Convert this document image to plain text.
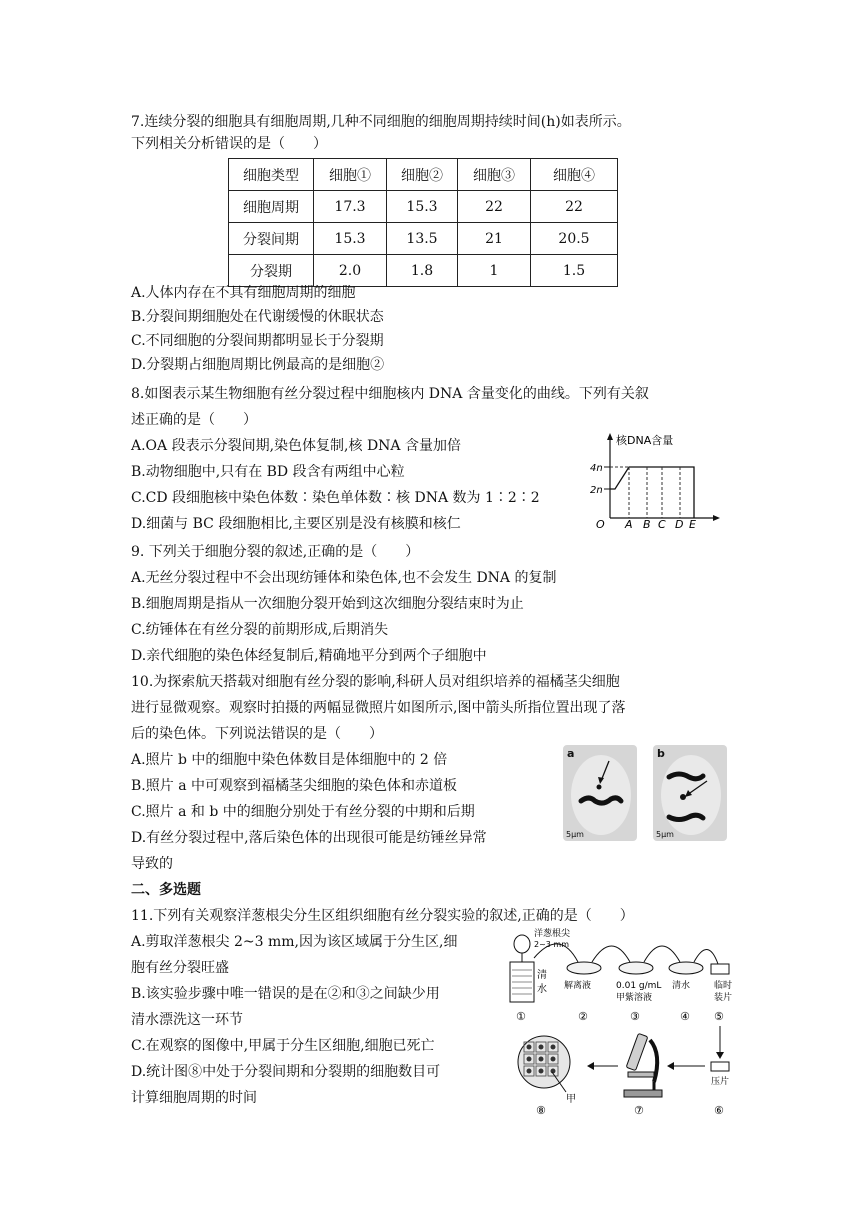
7.连续分裂的细胞具有细胞周期,几种不同细胞的细胞周期持续时间(h)如表所示。
下列相关分析错误的是（　　）
细胞类型	细胞①	细胞②	细胞③	细胞④
细胞周期	17.3	15.3	22	22
分裂间期	15.3	13.5	21	20.5
分裂期	2.0	1.8	1	1.5
A.人体内存在不具有细胞周期的细胞
B.分裂间期细胞处在代谢缓慢的休眠状态
C.不同细胞的分裂间期都明显长于分裂期
D.分裂期占细胞周期比例最高的是细胞②
8.如图表示某生物细胞有丝分裂过程中细胞核内 DNA 含量变化的曲线。下列有关叙
述正确的是（　　）
A.OA 段表示分裂间期,染色体复制,核 DNA 含量加倍
B.动物细胞中,只有在 BD 段含有两组中心粒
C.CD 段细胞核中染色体数∶染色单体数∶核 DNA 数为 1∶2∶2
D.细菌与 BC 段细胞相比,主要区别是没有核膜和核仁
核DNA含量
4n
2n
O A B C D E
9. 下列关于细胞分裂的叙述,正确的是（　　）
A.无丝分裂过程中不会出现纺锤体和染色体,也不会发生 DNA 的复制
B.细胞周期是指从一次细胞分裂开始到这次细胞分裂结束时为止
C.纺锤体在有丝分裂的前期形成,后期消失
D.亲代细胞的染色体经复制后,精确地平分到两个子细胞中
10.为探索航天搭载对细胞有丝分裂的影响,科研人员对组织培养的福橘茎尖细胞
进行显微观察。观察时拍摄的两幅显微照片如图所示,图中箭头所指位置出现了落
后的染色体。下列说法错误的是（　　）
A.照片 b 中的细胞中染色体数目是体细胞中的 2 倍
B.照片 a 中可观察到福橘茎尖细胞的染色体和赤道板
C.照片 a 和 b 中的细胞分别处于有丝分裂的中期和后期
D.有丝分裂过程中,落后染色体的出现很可能是纺锤丝异常
导致的
a
5μm
b
5μm
二、多选题
11.下列有关观察洋葱根尖分生区组织细胞有丝分裂实验的叙述,正确的是（　　）
A.剪取洋葱根尖 2~3 mm,因为该区域属于分生区,细
胞有丝分裂旺盛
B.该实验步骤中唯一错误的是在②和③之间缺少用
清水漂洗这一环节
C.在观察的图像中,甲属于分生区细胞,细胞已死亡
D.统计图⑧中处于分裂间期和分裂期的细胞数目可
计算细胞周期的时间
洋葱根尖
2~3 mm
清
水 解离液	0.01 g/mL
甲紫溶液
清水	临时
装片
①	②	③	④ ⑤
压片
甲
⑧	⑦	⑥
